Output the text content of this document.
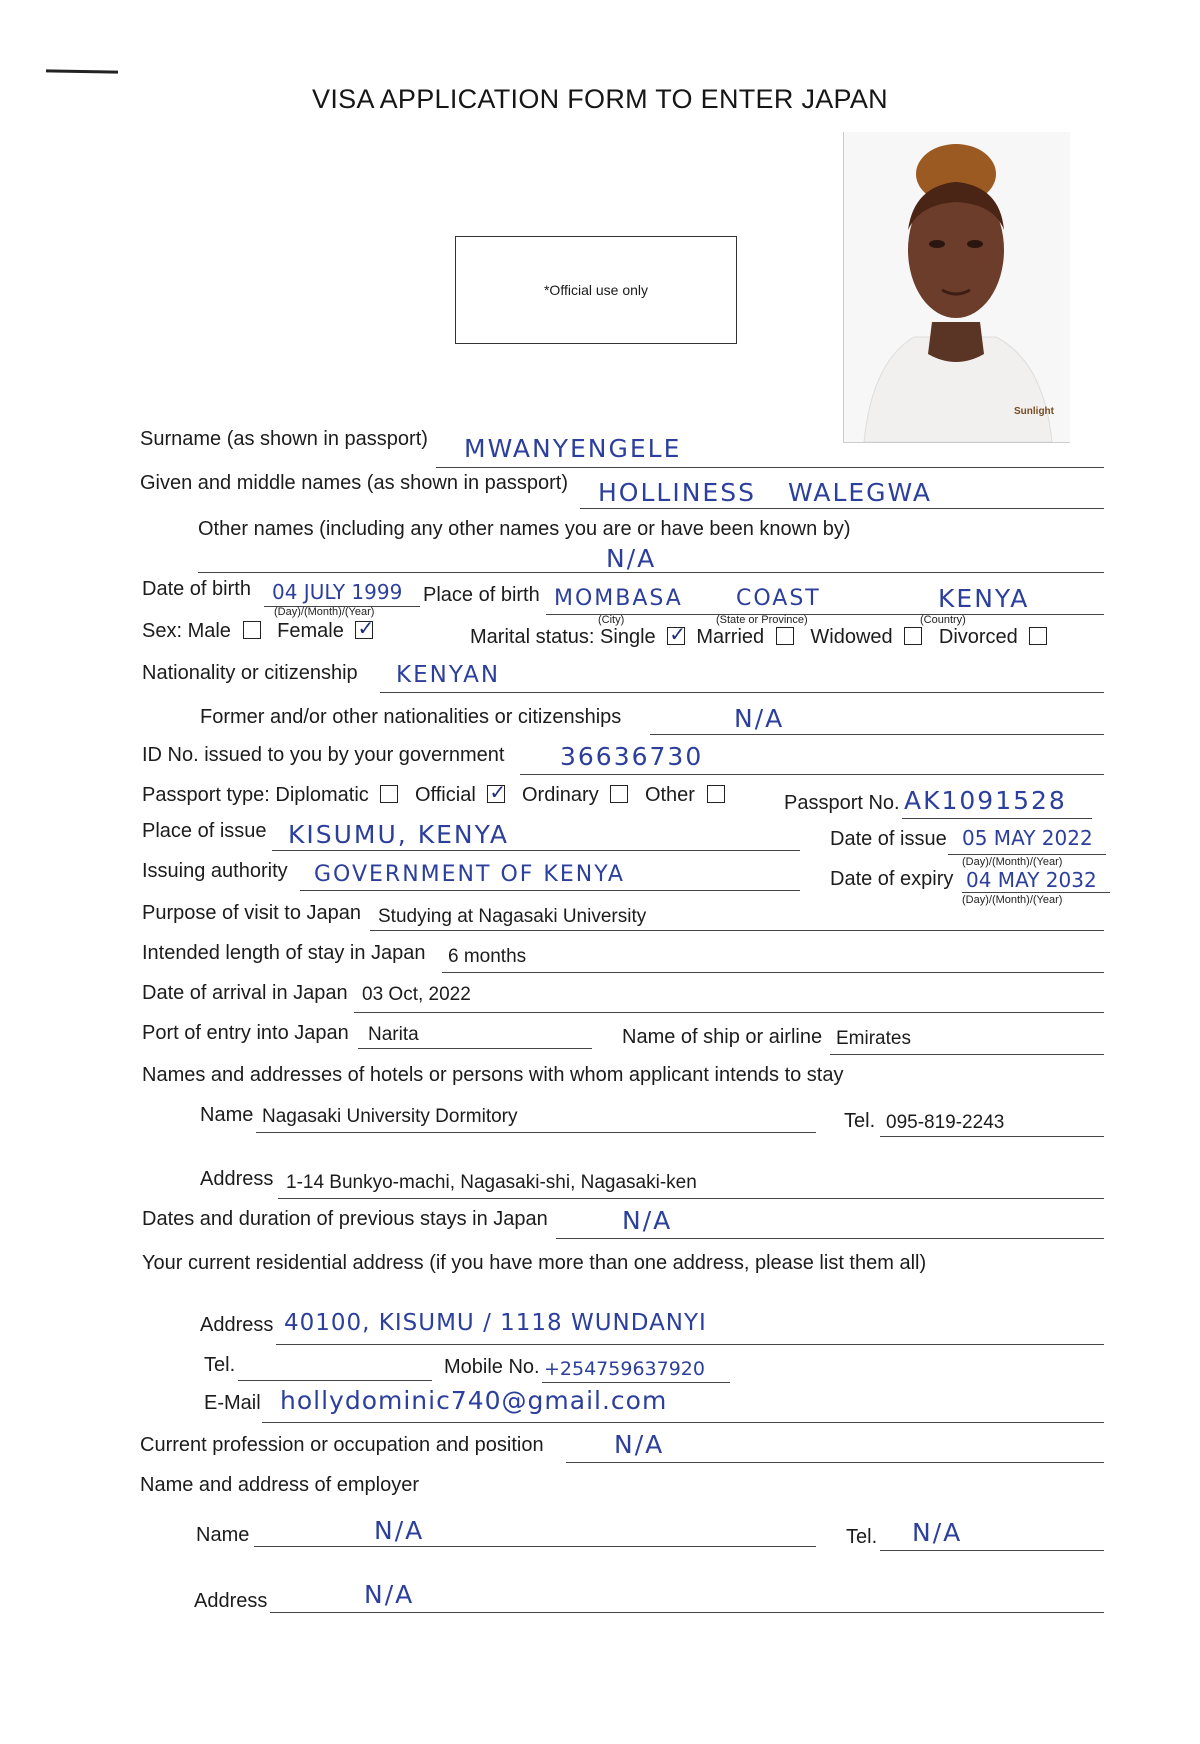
VISA APPLICATION FORM TO ENTER JAPAN
*Official use only
Sunlight
Surname (as shown in passport) MWANYENGELE
Given and middle names (as shown in passport) HOLLINESS WALEGWA
Other names (including any other names you are or have been known by)
N/A
Date of birth 04 JULY 1999
(Day)/(Month)/(Year)
Place of birth MOMBASA COAST	KENYA
(City)	(State or Province)	(Country)
Sex: Male Female ✓	Marital status: Single ✓ Married Widowed Divorced
Nationality or citizenship KENYAN
Former and/or other nationalities or citizenships	N/A
ID No. issued to you by your government 36636730
Passport type: Diplomatic Official ✓ Ordinary Other	Passport No. AK1091528
Place of issue KISUMU, KENYA	Date of issue 05 MAY 2022
(Day)/(Month)/(Year)
Issuing authority GOVERNMENT OF KENYA	Date of expiry 04 MAY 2032
(Day)/(Month)/(Year)
Purpose of visit to Japan Studying at Nagasaki University
Intended length of stay in Japan 6 months
Date of arrival in Japan 03 Oct, 2022
Port of entry into Japan Narita	Name of ship or airline Emirates
Names and addresses of hotels or persons with whom applicant intends to stay
Name Nagasaki University Dormitory	Tel. 095-819-2243
Address 1-14 Bunkyo-machi, Nagasaki-shi, Nagasaki-ken
Dates and duration of previous stays in Japan	N/A
Your current residential address (if you have more than one address, please list them all)
Address 40100, KISUMU / 1118 WUNDANYI
Tel.	Mobile No. +254759637920
E-Mail hollydominic740@gmail.com
Current profession or occupation and position	N/A
Name and address of employer
Name	N/A	Tel. N/A
Address	N/A
